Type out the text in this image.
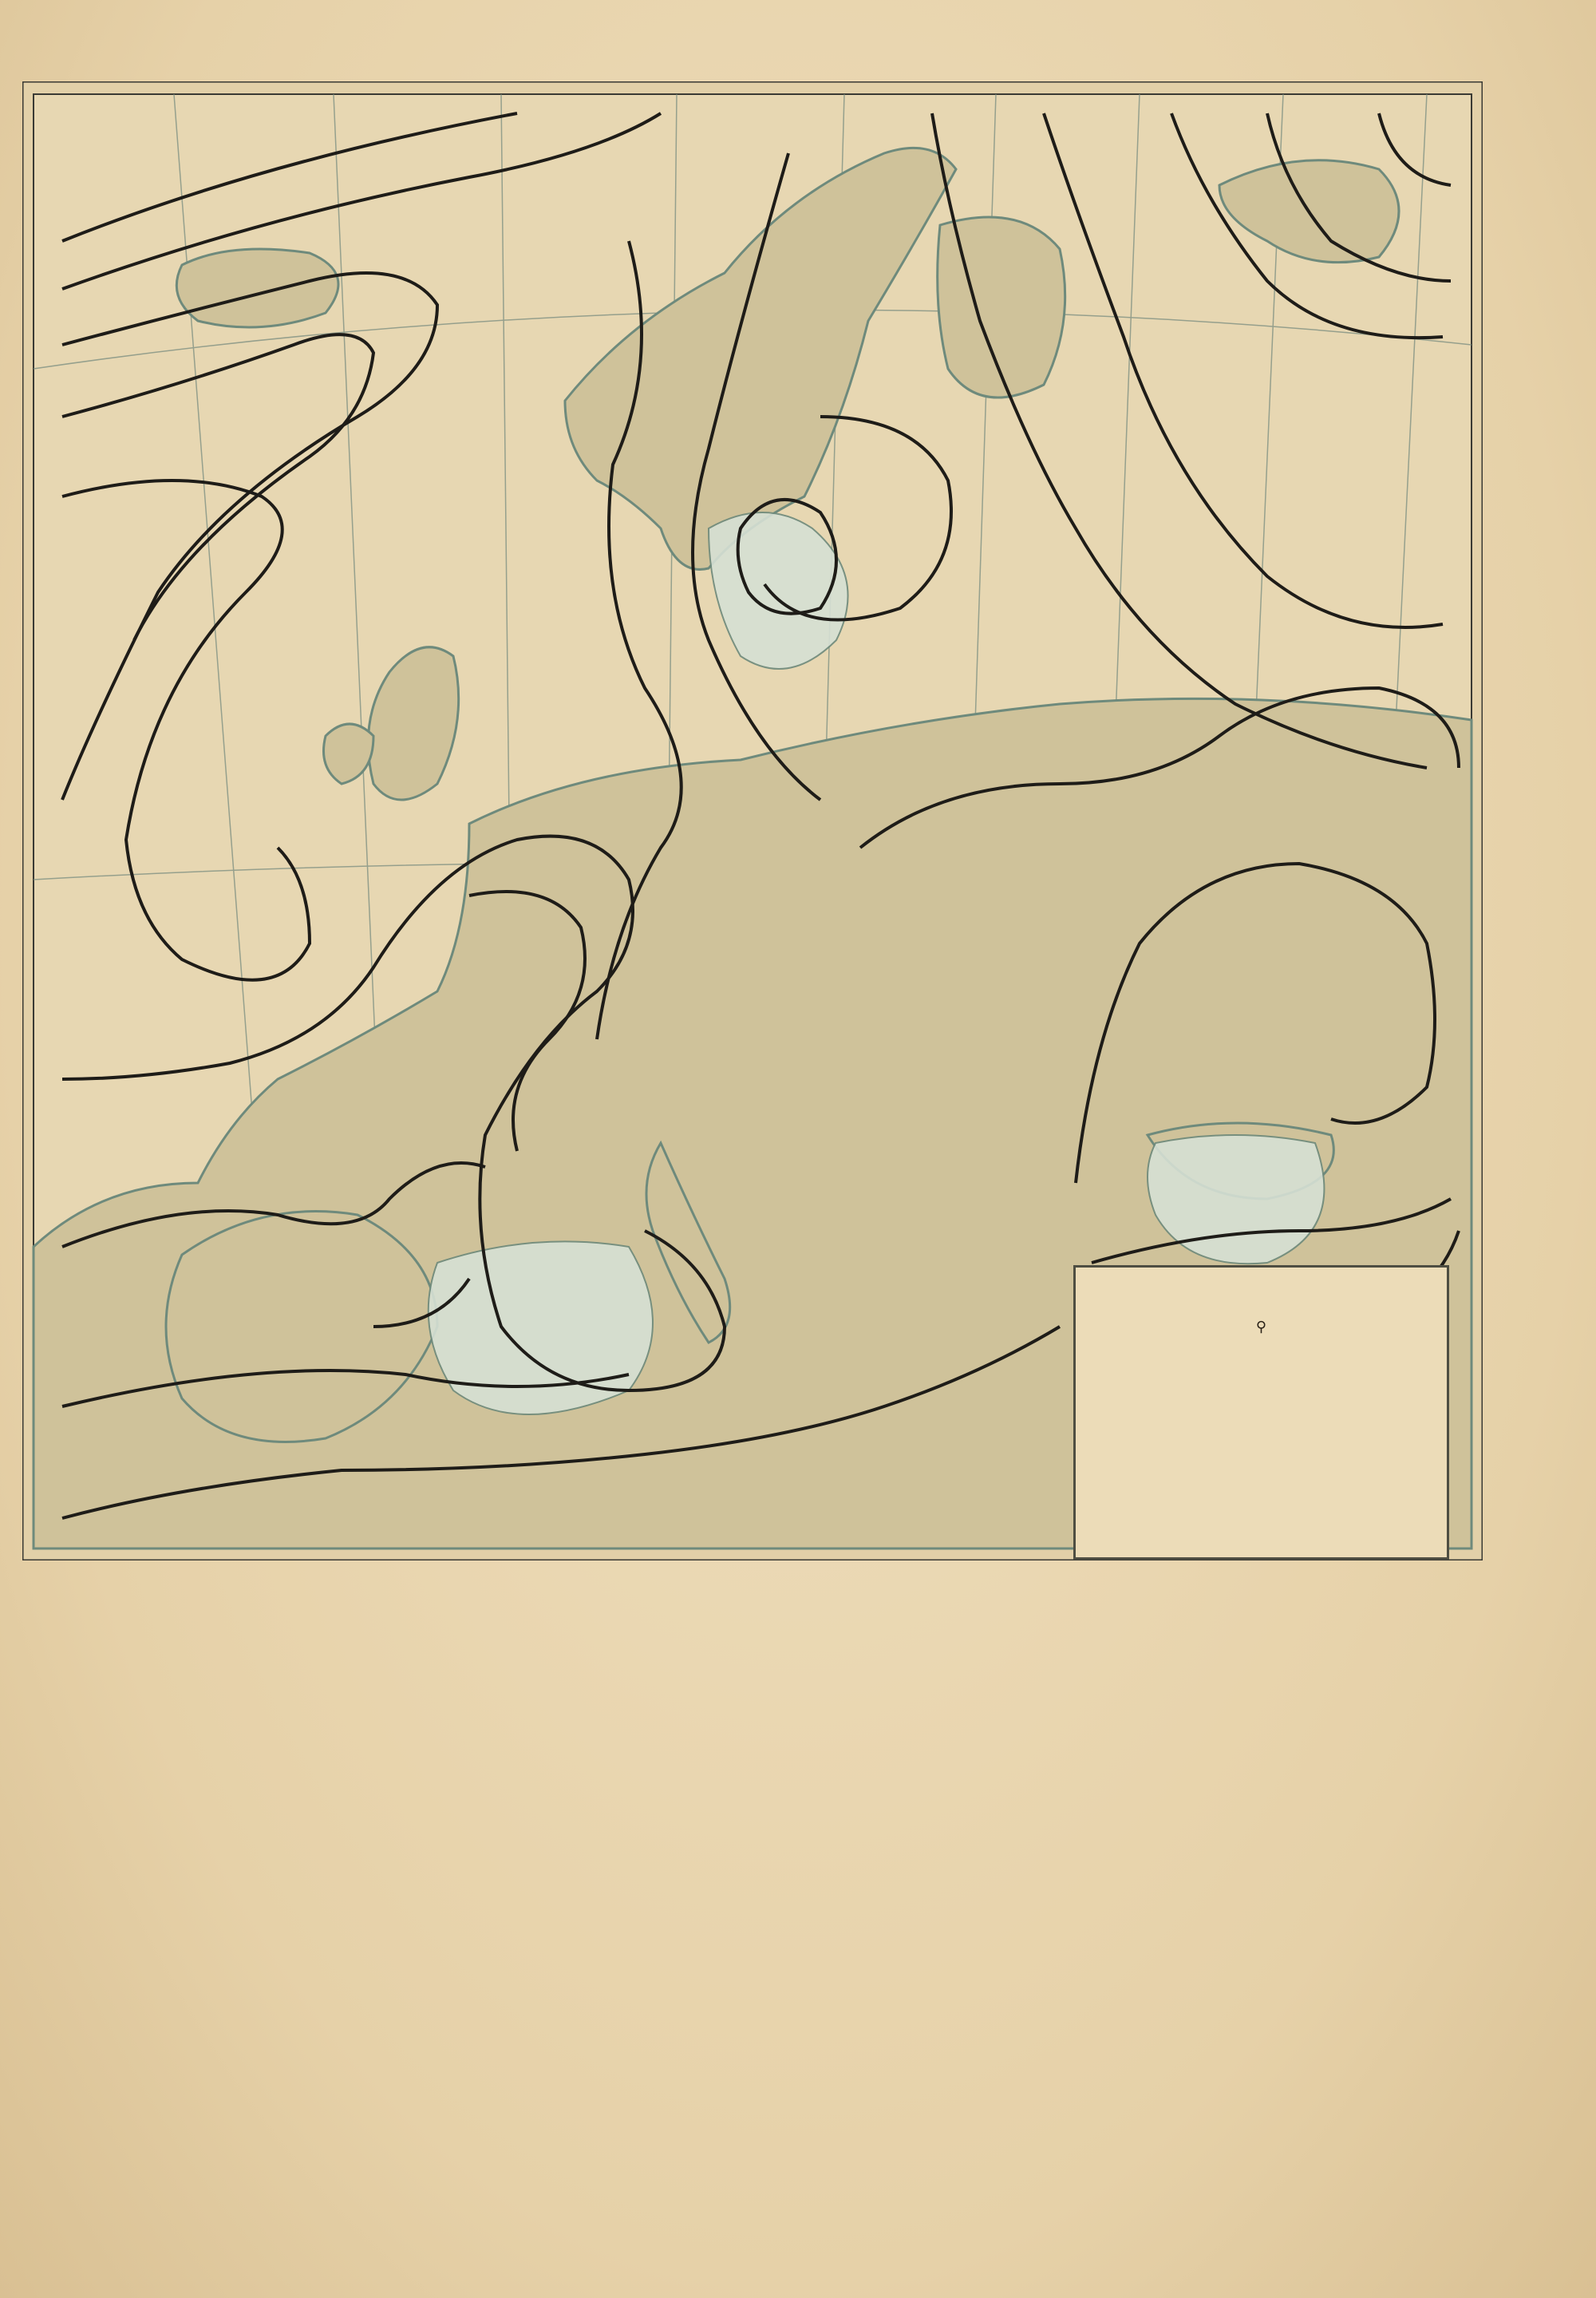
⚲
